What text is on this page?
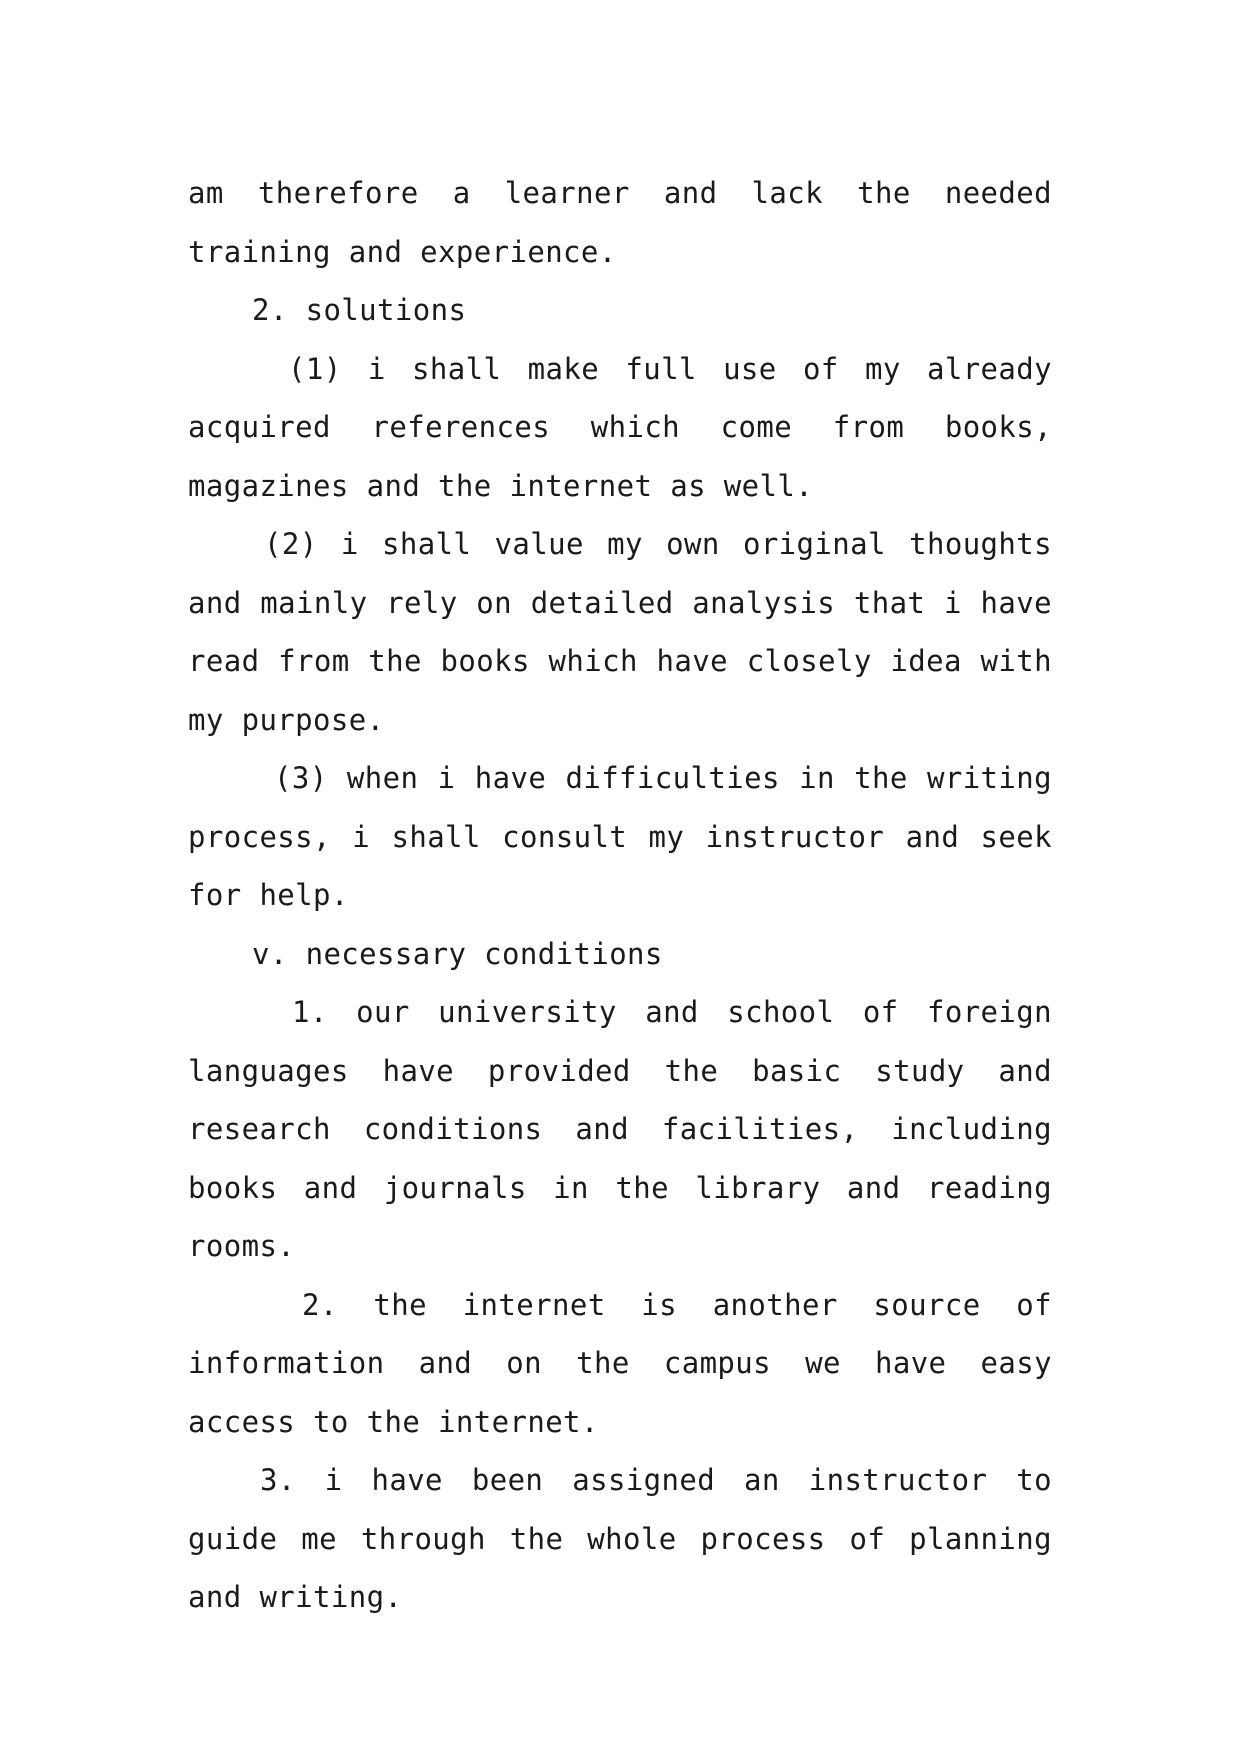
am therefore a learner and lack the needed training and experience.

2. solutions

(1) i shall make full use of my already acquired references which come from books, magazines and the internet as well.

(2) i shall value my own original thoughts and mainly rely on detailed analysis that i have read from the books which have closely idea with my purpose.

(3) when i have difficulties in the writing process, i shall consult my instructor and seek for help.

v. necessary conditions

1. our university and school of foreign languages have provided the basic study and research conditions and facilities, including books and journals in the library and reading rooms.

2. the internet is another source of information and on the campus we have easy access to the internet.

3. i have been assigned an instructor to guide me through the whole process of planning and writing.
